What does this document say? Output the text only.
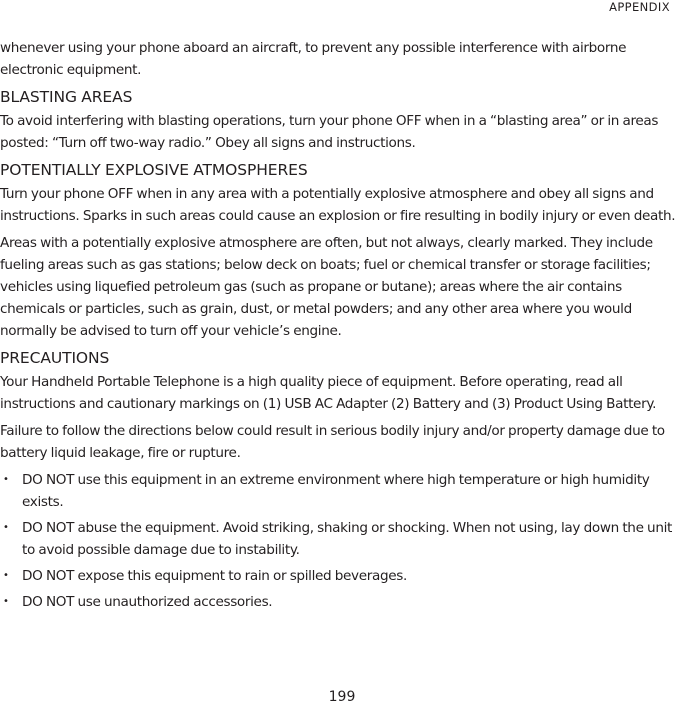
APPENDIX

whenever using your phone aboard an aircraft, to prevent any possible interference with airborne electronic equipment.

BLASTING AREAS

To avoid interfering with blasting operations, turn your phone OFF when in a “blasting area” or in areas posted: “Turn off two-way radio.” Obey all signs and instructions.

POTENTIALLY EXPLOSIVE ATMOSPHERES

Turn your phone OFF when in any area with a potentially explosive atmosphere and obey all signs and instructions. Sparks in such areas could cause an explosion or fire resulting in bodily injury or even death.

Areas with a potentially explosive atmosphere are often, but not always, clearly marked. They include fueling areas such as gas stations; below deck on boats; fuel or chemical transfer or storage facilities; vehicles using liquefied petroleum gas (such as propane or butane); areas where the air contains chemicals or particles, such as grain, dust, or metal powders; and any other area where you would normally be advised to turn off your vehicle’s engine.

PRECAUTIONS

Your Handheld Portable Telephone is a high quality piece of equipment. Before operating, read all instructions and cautionary markings on (1) USB AC Adapter (2) Battery and (3) Product Using Battery.

Failure to follow the directions below could result in serious bodily injury and/or property damage due to battery liquid leakage, fire or rupture.

• DO NOT use this equipment in an extreme environment where high temperature or high humidity exists.
• DO NOT abuse the equipment. Avoid striking, shaking or shocking. When not using, lay down the unit to avoid possible damage due to instability.
• DO NOT expose this equipment to rain or spilled beverages.
• DO NOT use unauthorized accessories.
199
